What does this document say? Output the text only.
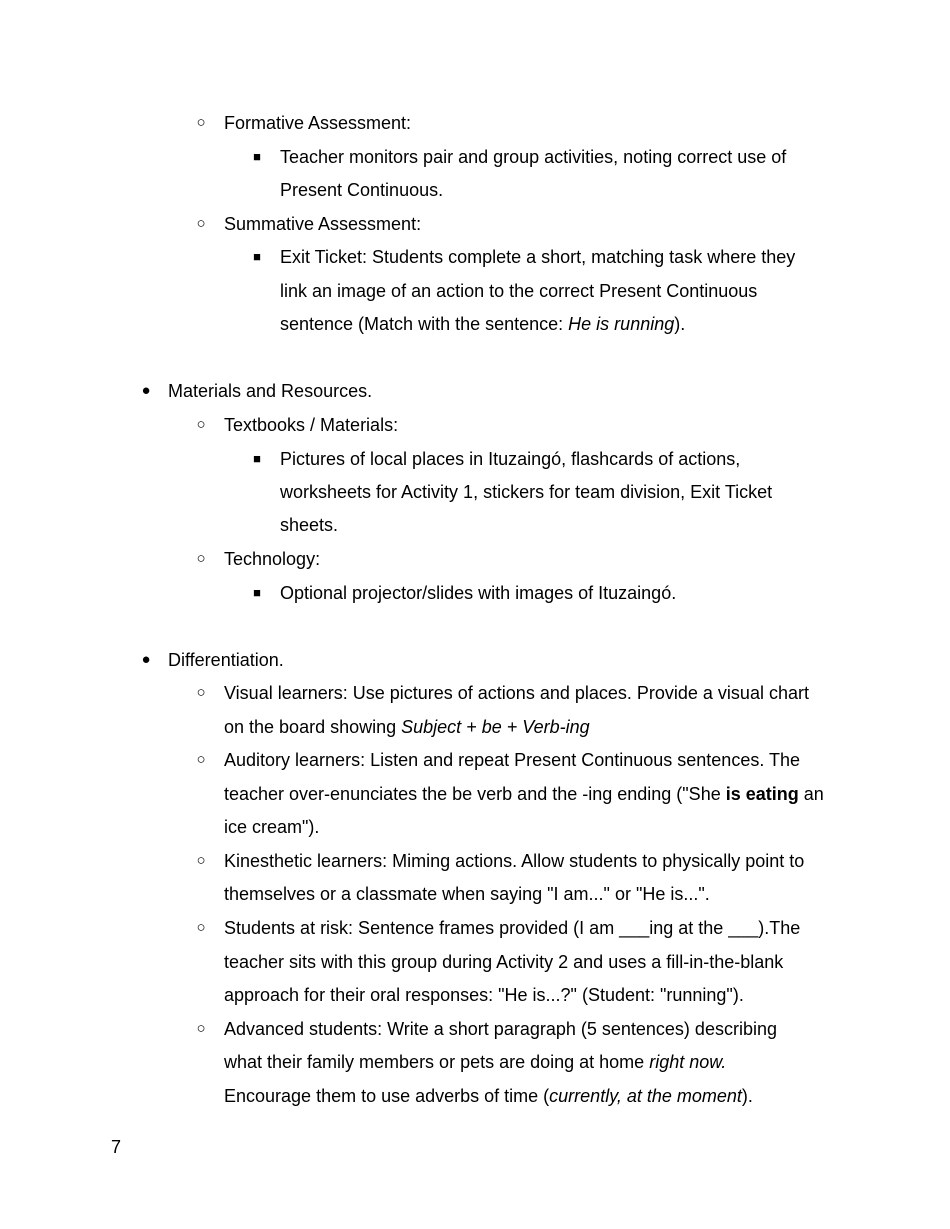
○ Formative Assessment:
■ Teacher monitors pair and group activities, noting correct use of
Present Continuous.
○ Summative Assessment:
■ Exit Ticket: Students complete a short, matching task where they
link an image of an action to the correct Present Continuous
sentence (Match with the sentence: He is running).
● Materials and Resources.
○ Textbooks / Materials:
■ Pictures of local places in Ituzaingó, flashcards of actions,
worksheets for Activity 1, stickers for team division, Exit Ticket
sheets.
○ Technology:
■ Optional projector/slides with images of Ituzaingó.
● Differentiation.
○ Visual learners: Use pictures of actions and places. Provide a visual chart
on the board showing Subject + be + Verb-ing
○ Auditory learners: Listen and repeat Present Continuous sentences. The
teacher over-enunciates the be verb and the -ing ending ("She is eating an
ice cream").
○ Kinesthetic learners: Miming actions. Allow students to physically point to
themselves or a classmate when saying "I am..." or "He is...".
○ Students at risk: Sentence frames provided (I am ___ing at the ___).The
teacher sits with this group during Activity 2 and uses a fill-in-the-blank
approach for their oral responses: "He is...?" (Student: "running").
○ Advanced students: Write a short paragraph (5 sentences) describing
what their family members or pets are doing at home right now.
Encourage them to use adverbs of time (currently, at the moment).
7
